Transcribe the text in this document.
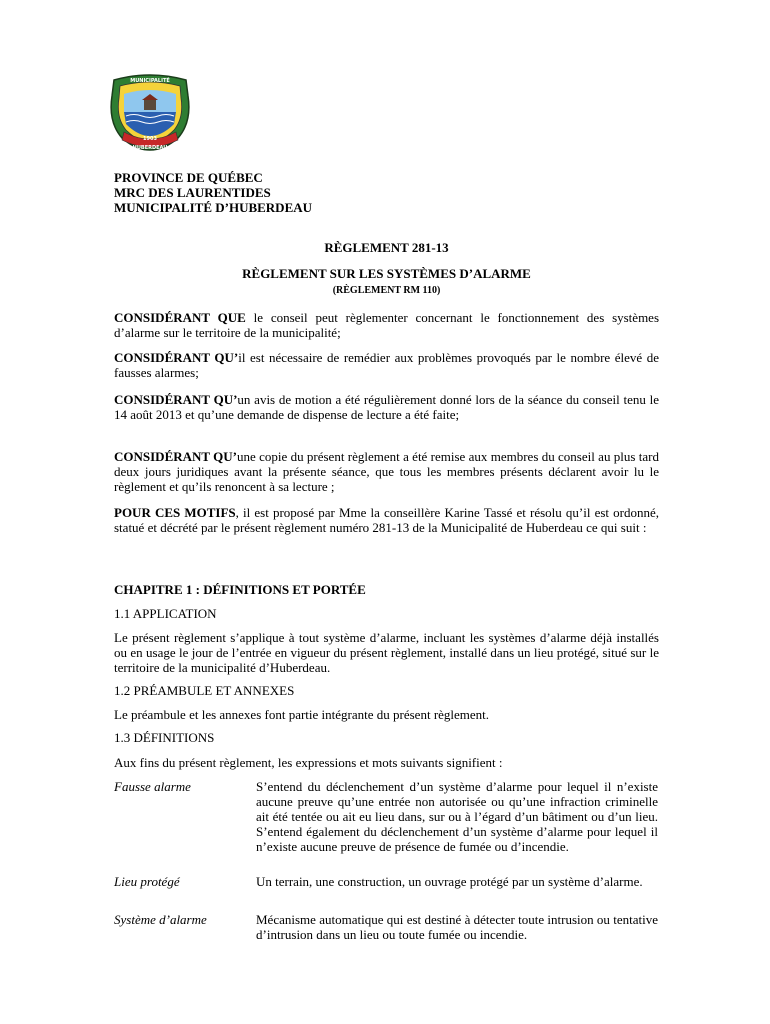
1903
MUNICIPALITÉ
HUBERDEAU
PROVINCE DE QUÉBEC
MRC DES LAURENTIDES
MUNICIPALITÉ D’HUBERDEAU
RÈGLEMENT 281-13
RÈGLEMENT SUR LES SYSTÈMES D’ALARME
(RÈGLEMENT RM 110)
CONSIDÉRANT QUE le conseil peut règlementer concernant le fonctionnement des systèmes d’alarme sur le territoire de la municipalité;
CONSIDÉRANT QU’il est nécessaire de remédier aux problèmes provoqués par le nombre élevé de fausses alarmes;
CONSIDÉRANT QU’un avis de motion a été régulièrement donné lors de la séance du conseil tenu le 14 août 2013 et qu’une demande de dispense de lecture a été faite;
CONSIDÉRANT QU’une copie du présent règlement a été remise aux membres du conseil au plus tard deux jours juridiques avant la présente séance, que tous les membres présents déclarent avoir lu le règlement et qu’ils renoncent à sa lecture ;
POUR CES MOTIFS, il est proposé par Mme la conseillère Karine Tassé et résolu qu’il est ordonné, statué et décrété par le présent règlement numéro 281-13 de la Municipalité de Huberdeau ce qui suit :
CHAPITRE 1 : DÉFINITIONS ET PORTÉE
1.1 APPLICATION
Le présent règlement s’applique à tout système d’alarme, incluant les systèmes d’alarme déjà installés ou en usage le jour de l’entrée en vigueur du présent règlement, installé dans un lieu protégé, situé sur le territoire de la municipalité d’Huberdeau.
1.2 PRÉAMBULE ET ANNEXES
Le préambule et les annexes font partie intégrante du présent règlement.
1.3 DÉFINITIONS
Aux fins du présent règlement, les expressions et mots suivants signifient :
Fausse alarme	S’entend du déclenchement d’un système d’alarme pour lequel il n’existe aucune preuve qu’une entrée non autorisée ou qu’une infraction criminelle ait été tentée ou ait eu lieu dans, sur ou à l’égard d’un bâtiment ou d’un lieu. S’entend également du déclenchement d’un système d’alarme pour lequel il n’existe aucune preuve de présence de fumée ou d’incendie.
Lieu protégé	Un terrain, une construction, un ouvrage protégé par un système d’alarme.
Système d’alarme	Mécanisme automatique qui est destiné à détecter toute intrusion ou tentative d’intrusion dans un lieu ou toute fumée ou incendie.
